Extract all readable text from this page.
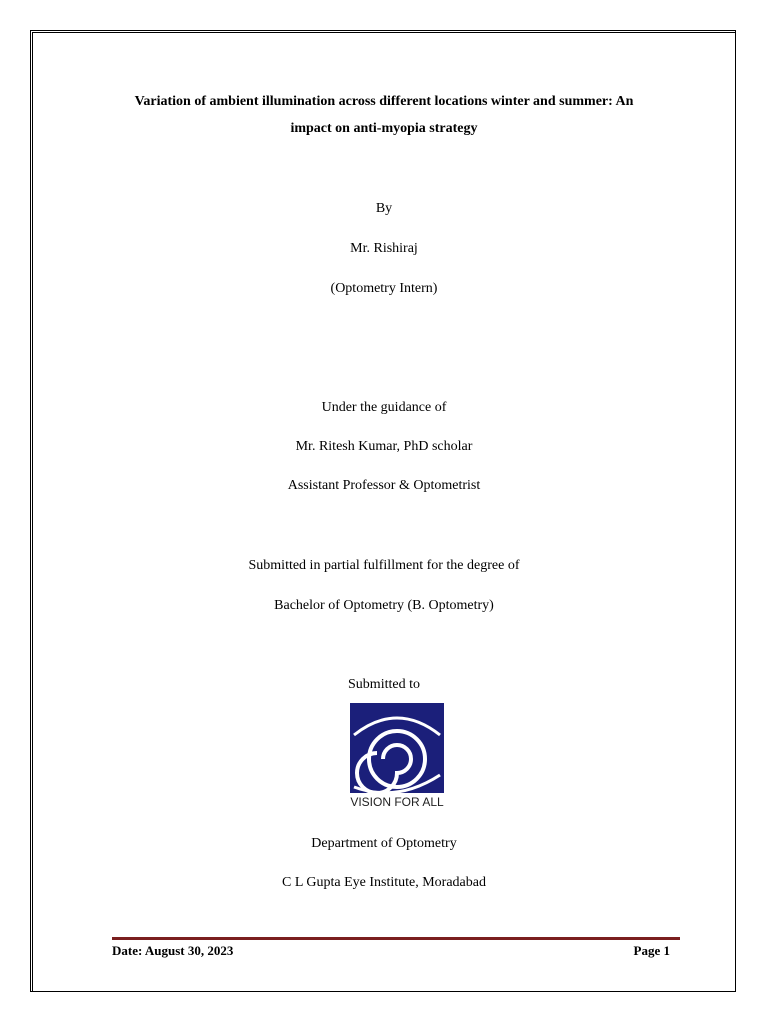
Variation of ambient illumination across different locations winter and summer: An
impact on anti-myopia strategy
By
Mr. Rishiraj
(Optometry Intern)
Under the guidance of
Mr. Ritesh Kumar, PhD scholar
Assistant Professor & Optometrist
Submitted in partial fulfillment for the degree of
Bachelor of Optometry (B. Optometry)
Submitted to
VISION FOR ALL
Department of Optometry
C L Gupta Eye Institute, Moradabad
Date: August 30, 2023	Page 1
